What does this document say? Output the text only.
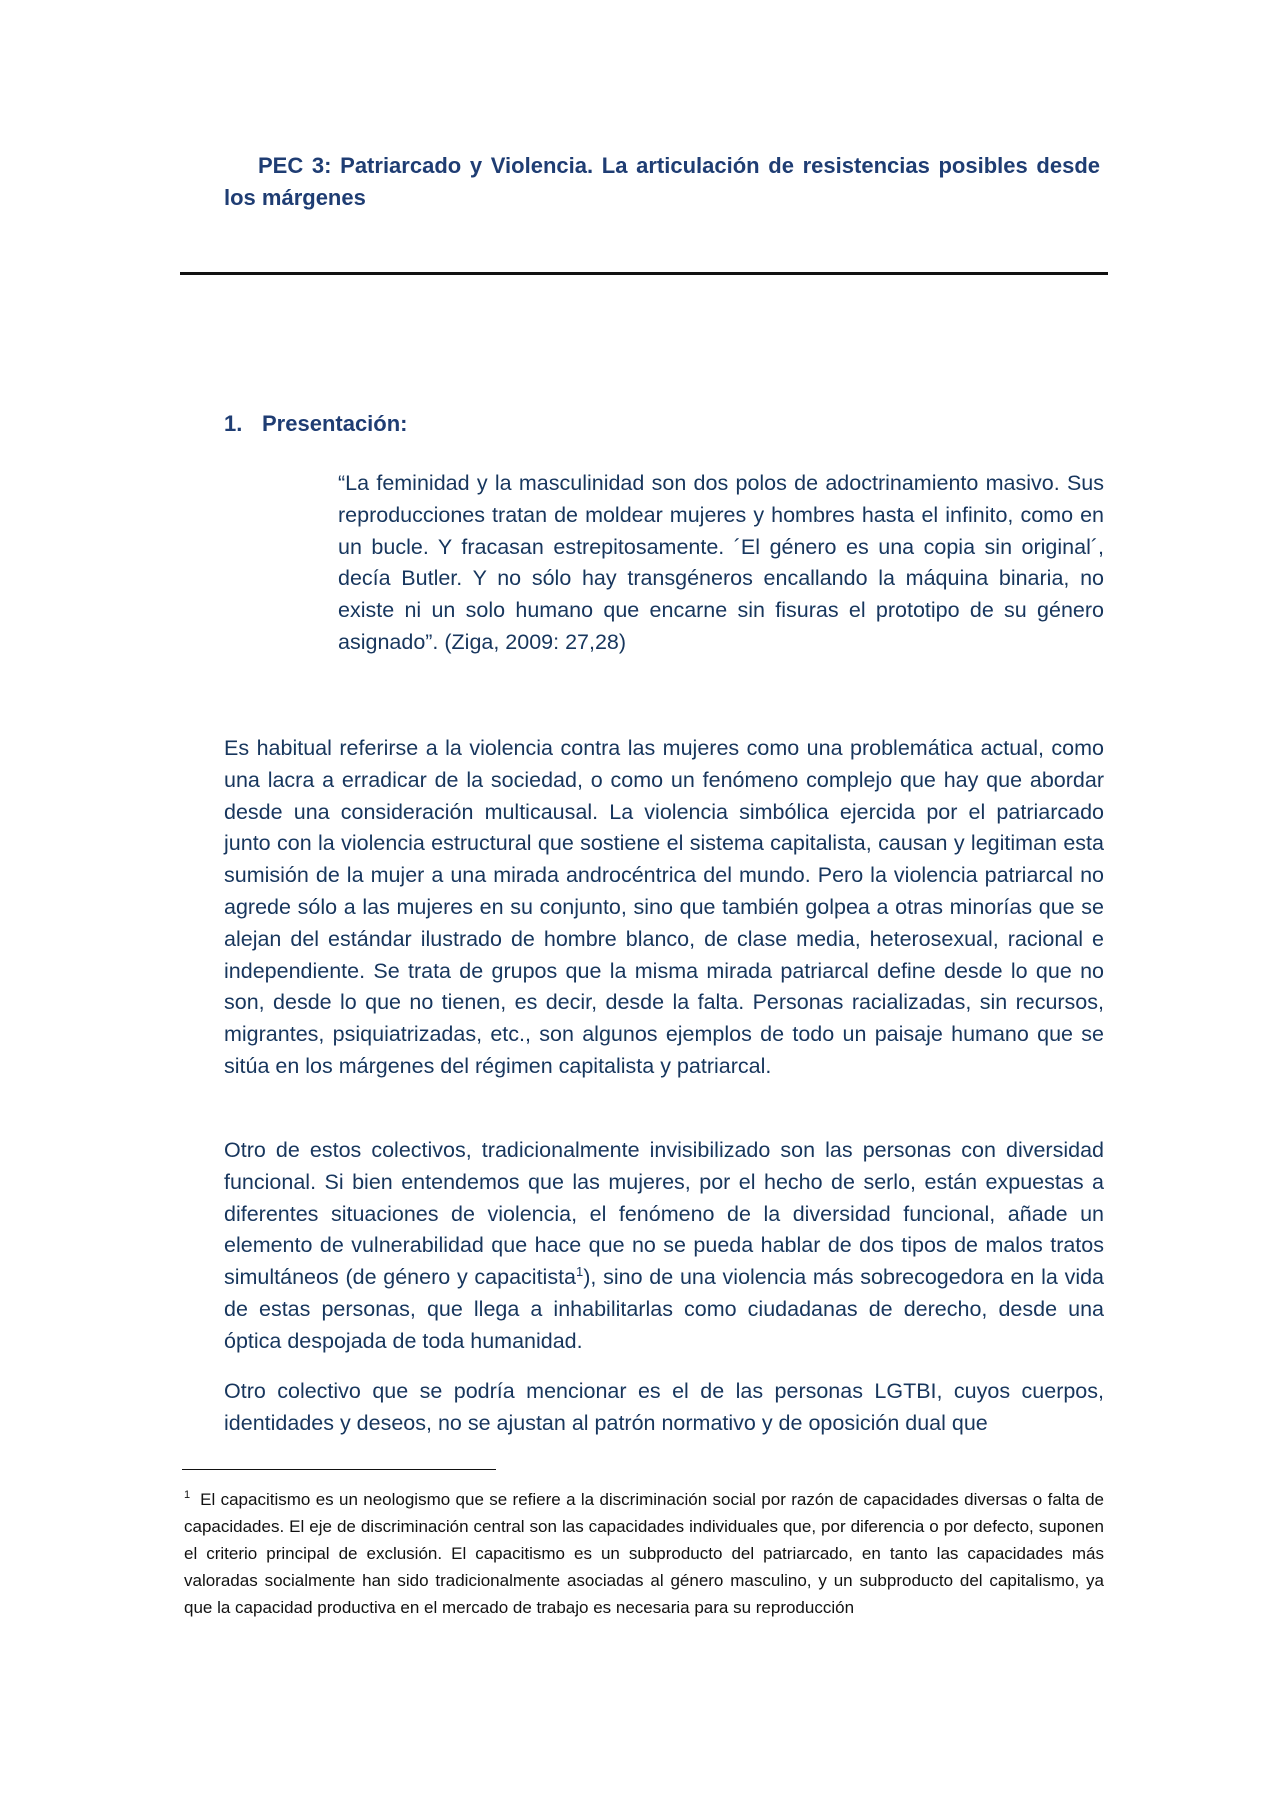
PEC 3: Patriarcado y Violencia. La articulación de resistencias posibles desde los márgenes
1. Presentación:
“La feminidad y la masculinidad son dos polos de adoctrinamiento masivo. Sus reproducciones tratan de moldear mujeres y hombres hasta el infinito, como en un bucle. Y fracasan estrepitosamente. ´El género es una copia sin original´, decía Butler. Y no sólo hay transgéneros encallando la máquina binaria, no existe ni un solo humano que encarne sin fisuras el prototipo de su género asignado”. (Ziga, 2009: 27,28)

Es habitual referirse a la violencia contra las mujeres como una problemática actual, como una lacra a erradicar de la sociedad, o como un fenómeno complejo que hay que abordar desde una consideración multicausal. La violencia simbólica ejercida por el patriarcado junto con la violencia estructural que sostiene el sistema capitalista, causan y legitiman esta sumisión de la mujer a una mirada androcéntrica del mundo. Pero la violencia patriarcal no agrede sólo a las mujeres en su conjunto, sino que también golpea a otras minorías que se alejan del estándar ilustrado de hombre blanco, de clase media, heterosexual, racional e independiente. Se trata de grupos que la misma mirada patriarcal define desde lo que no son, desde lo que no tienen, es decir, desde la falta. Personas racializadas, sin recursos, migrantes, psiquiatrizadas, etc., son algunos ejemplos de todo un paisaje humano que se sitúa en los márgenes del régimen capitalista y patriarcal.

Otro de estos colectivos, tradicionalmente invisibilizado son las personas con diversidad funcional. Si bien entendemos que las mujeres, por el hecho de serlo, están expuestas a diferentes situaciones de violencia, el fenómeno de la diversidad funcional, añade un elemento de vulnerabilidad que hace que no se pueda hablar de dos tipos de malos tratos simultáneos (de género y capacitista$^1$), sino de una violencia más sobrecogedora en la vida de estas personas, que llega a inhabilitarlas como ciudadanas de derecho, desde una óptica despojada de toda humanidad.

Otro colectivo que se podría mencionar es el de las personas LGTBI, cuyos cuerpos, identidades y deseos, no se ajustan al patrón normativo y de oposición dual que

$^1$ El capacitismo es un neologismo que se refiere a la discriminación social por razón de capacidades diversas o falta de capacidades. El eje de discriminación central son las capacidades individuales que, por diferencia o por defecto, suponen el criterio principal de exclusión. El capacitismo es un subproducto del patriarcado, en tanto las capacidades más valoradas socialmente han sido tradicionalmente asociadas al género masculino, y un subproducto del capitalismo, ya que la capacidad productiva en el mercado de trabajo es necesaria para su reproducción
